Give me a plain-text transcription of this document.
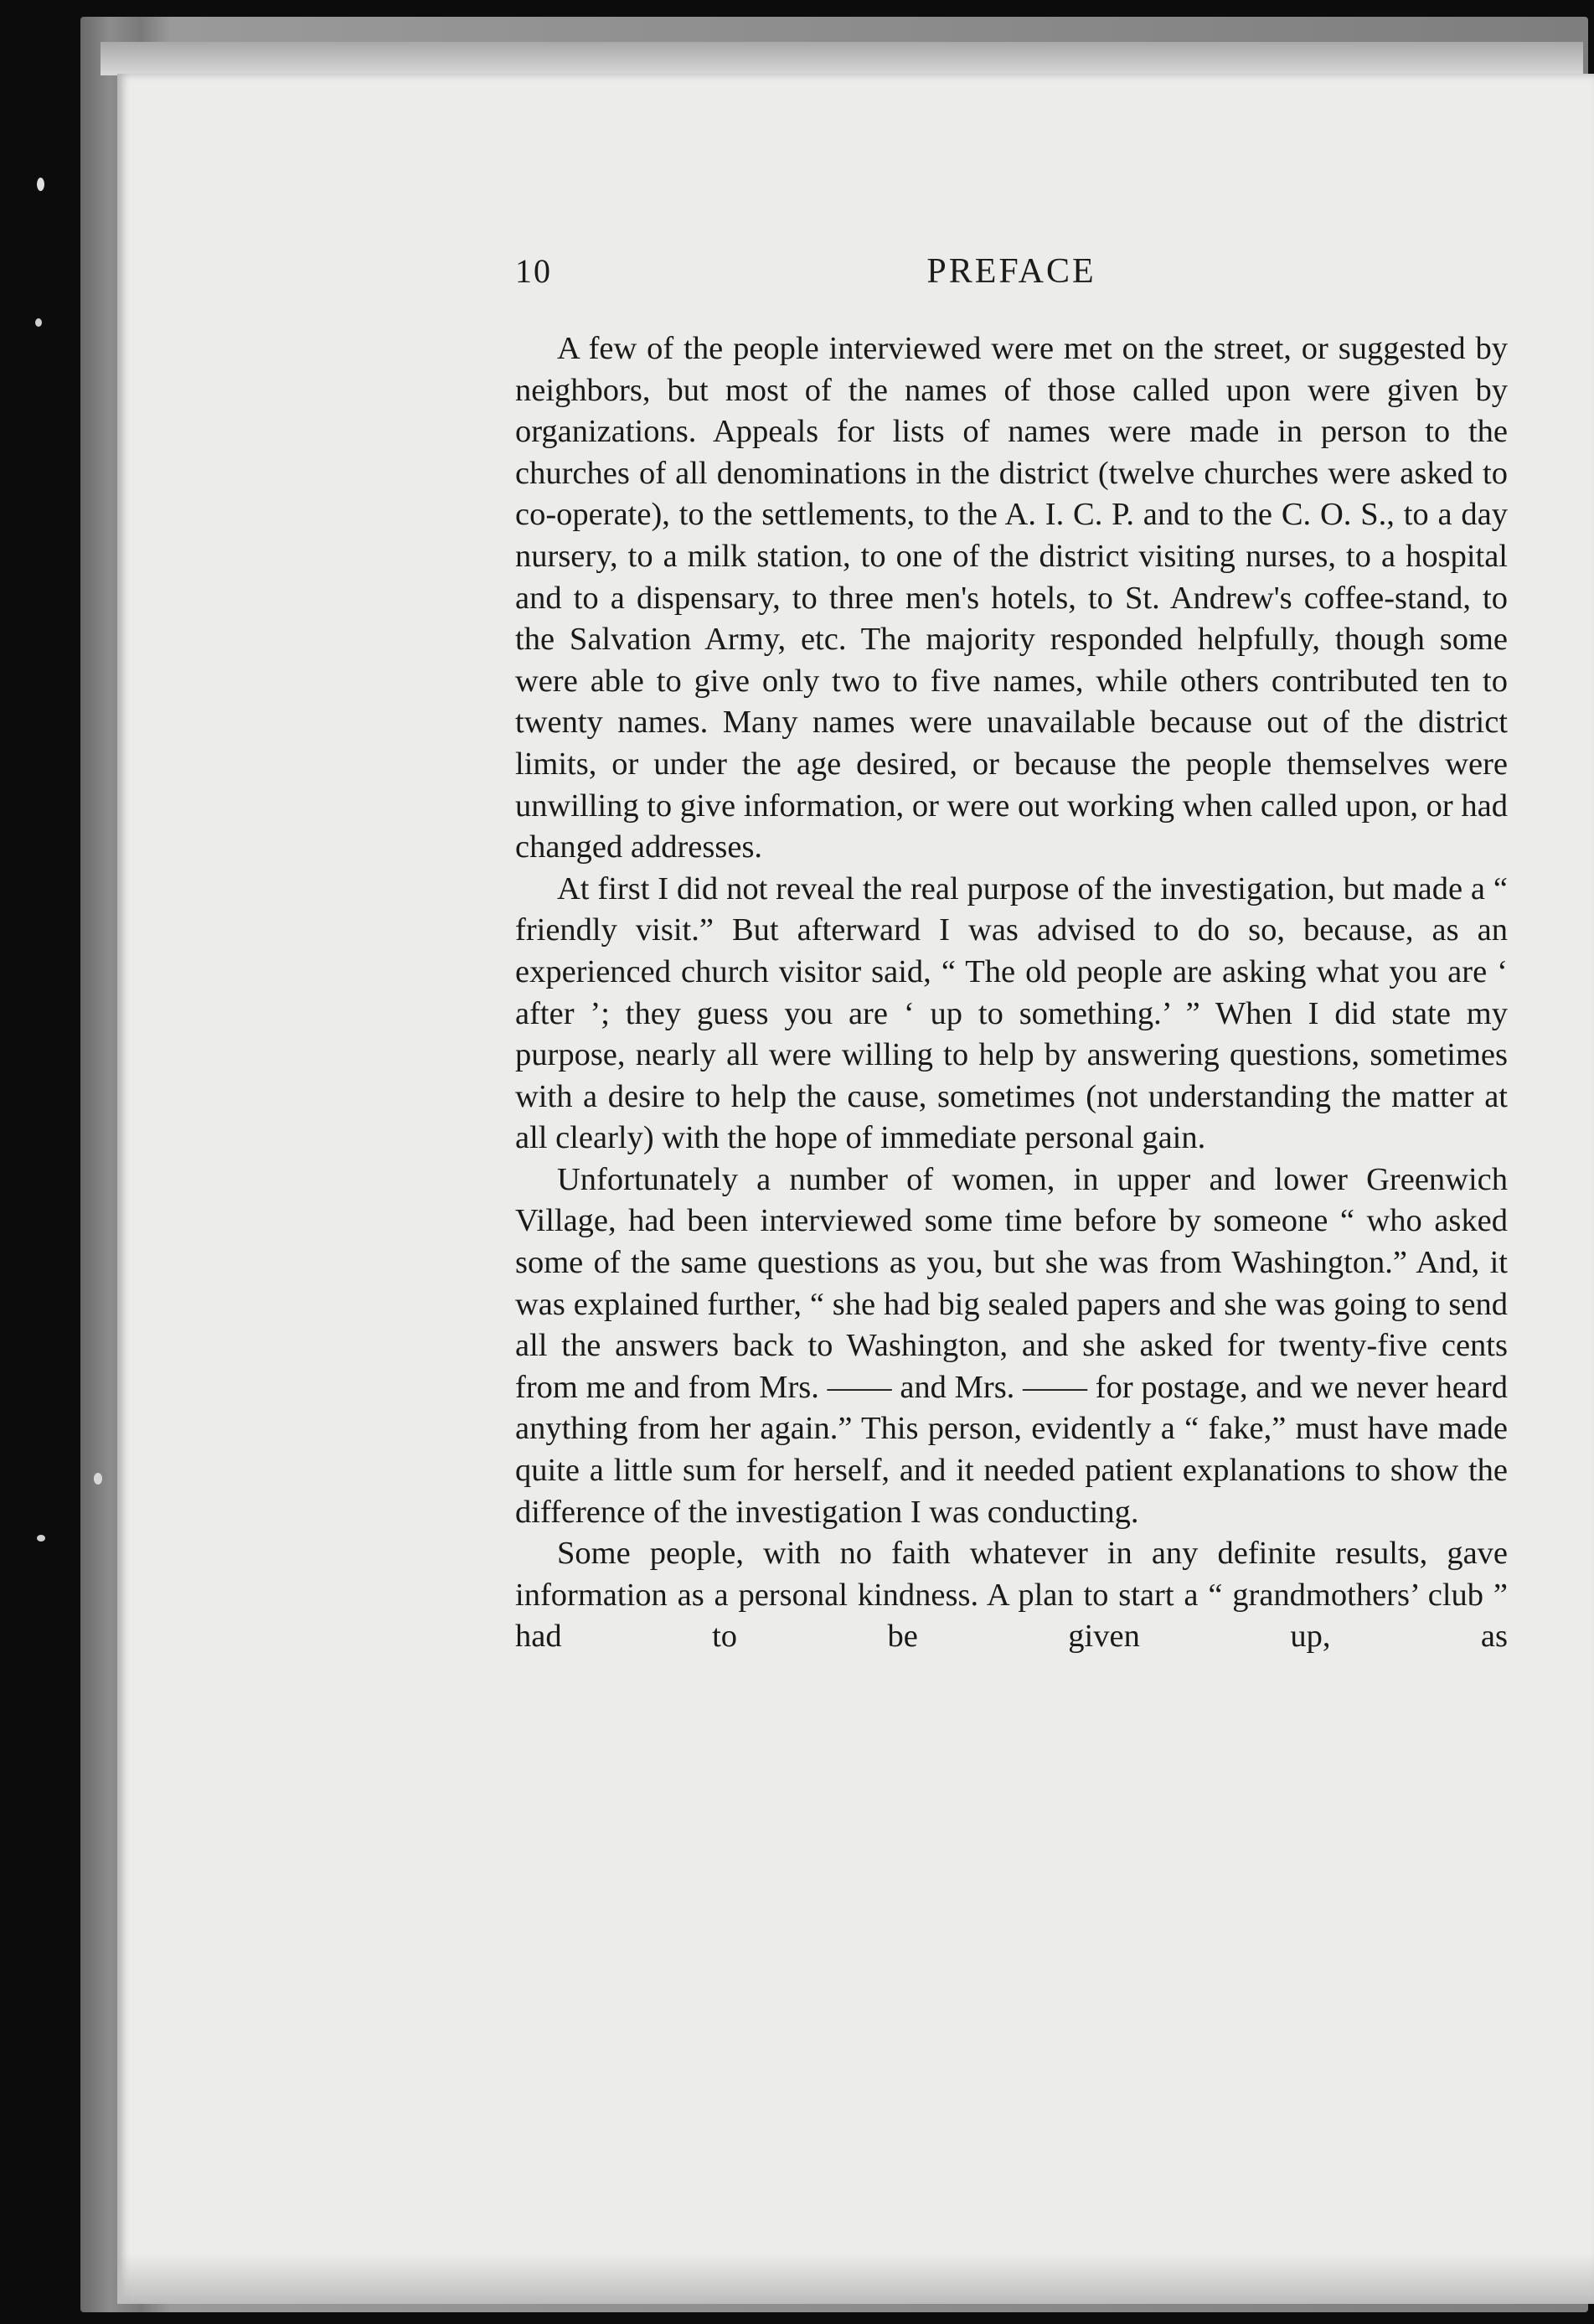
10	PREFACE

A few of the people interviewed were met on the street, or suggested by neighbors, but most of the names of those called upon were given by organizations. Appeals for lists of names were made in person to the churches of all denominations in the district (twelve churches were asked to co-operate), to the settlements, to the A. I. C. P. and to the C. O. S., to a day nursery, to a milk station, to one of the district visiting nurses, to a hospital and to a dispensary, to three men's hotels, to St. Andrew's coffee-stand, to the Salvation Army, etc. The majority responded helpfully, though some were able to give only two to five names, while others contributed ten to twenty names. Many names were unavailable because out of the district limits, or under the age desired, or because the people themselves were unwilling to give information, or were out working when called upon, or had changed addresses.

At first I did not reveal the real purpose of the investigation, but made a “ friendly visit.” But afterward I was advised to do so, because, as an experienced church visitor said, “ The old people are asking what you are ‘ after ’; they guess you are ‘ up to something.’ ” When I did state my purpose, nearly all were willing to help by answering questions, sometimes with a desire to help the cause, sometimes (not understanding the matter at all clearly) with the hope of immediate personal gain.

Unfortunately a number of women, in upper and lower Greenwich Village, had been interviewed some time before by someone “ who asked some of the same questions as you, but she was from Washington.” And, it was explained further, “ she had big sealed papers and she was going to send all the answers back to Washington, and she asked for twenty-five cents from me and from Mrs. —— and Mrs. —— for postage, and we never heard anything from her again.” This person, evidently a “ fake,” must have made quite a little sum for herself, and it needed patient explanations to show the difference of the investigation I was conducting.

Some people, with no faith whatever in any definite results, gave information as a personal kindness. A plan to start a “ grandmothers’ club ” had to be given up, as
